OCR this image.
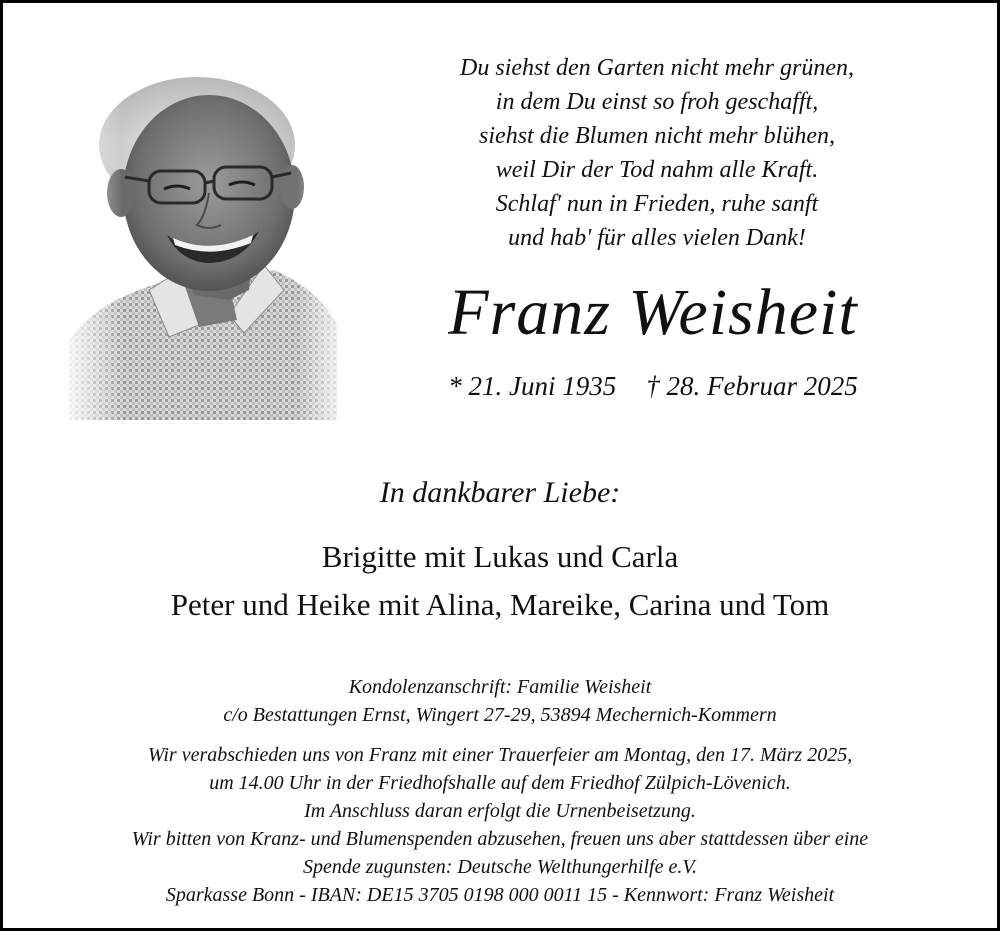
Du siehst den Garten nicht mehr grünen,
in dem Du einst so froh geschafft,
siehst die Blumen nicht mehr blühen,
weil Dir der Tod nahm alle Kraft.
Schlaf' nun in Frieden, ruhe sanft
und hab' für alles vielen Dank!
Franz Weisheit
* 21. Juni 1935 † 28. Februar 2025
In dankbarer Liebe:
Brigitte mit Lukas und Carla
Peter und Heike mit Alina, Mareike, Carina und Tom
Kondolenzanschrift: Familie Weisheit
c/o Bestattungen Ernst, Wingert 27-29, 53894 Mechernich-Kommern
Wir verabschieden uns von Franz mit einer Trauerfeier am Montag, den 17. März 2025,
um 14.00 Uhr in der Friedhofshalle auf dem Friedhof Zülpich-Lövenich.
Im Anschluss daran erfolgt die Urnenbeisetzung.
Wir bitten von Kranz- und Blumenspenden abzusehen, freuen uns aber stattdessen über eine
Spende zugunsten: Deutsche Welthungerhilfe e.V.
Sparkasse Bonn - IBAN: DE15 3705 0198 000 0011 15 - Kennwort: Franz Weisheit
